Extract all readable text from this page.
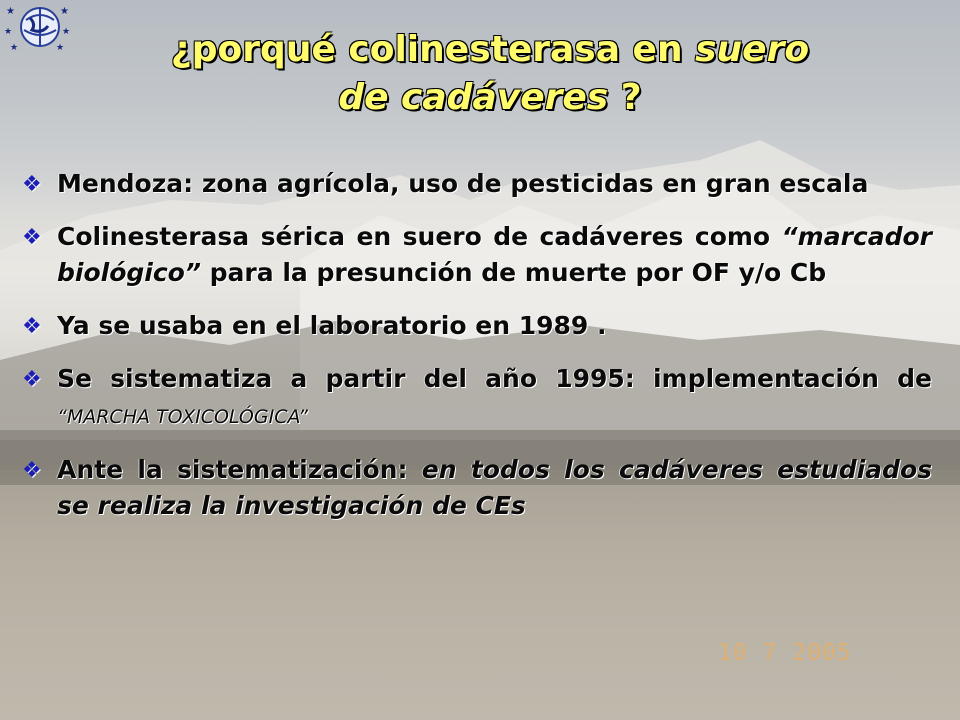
★
★
★
★
★
★	¿porqué colinesterasa en suero
de cadáveres ?
❖ Mendoza: zona agrícola, uso de pesticidas en gran escala
❖ Colinesterasa sérica en suero de cadáveres como “marcador biológico” para la presunción de muerte por OF y/o Cb
❖ Ya se usaba en el laboratorio en 1989 .
❖ Se sistematiza a partir del año 1995: implementación de “MARCHA TOXICOLÓGICA”
❖ Ante la sistematización: en todos los cadáveres estudiados se realiza la investigación de CEs
10 7 2005
